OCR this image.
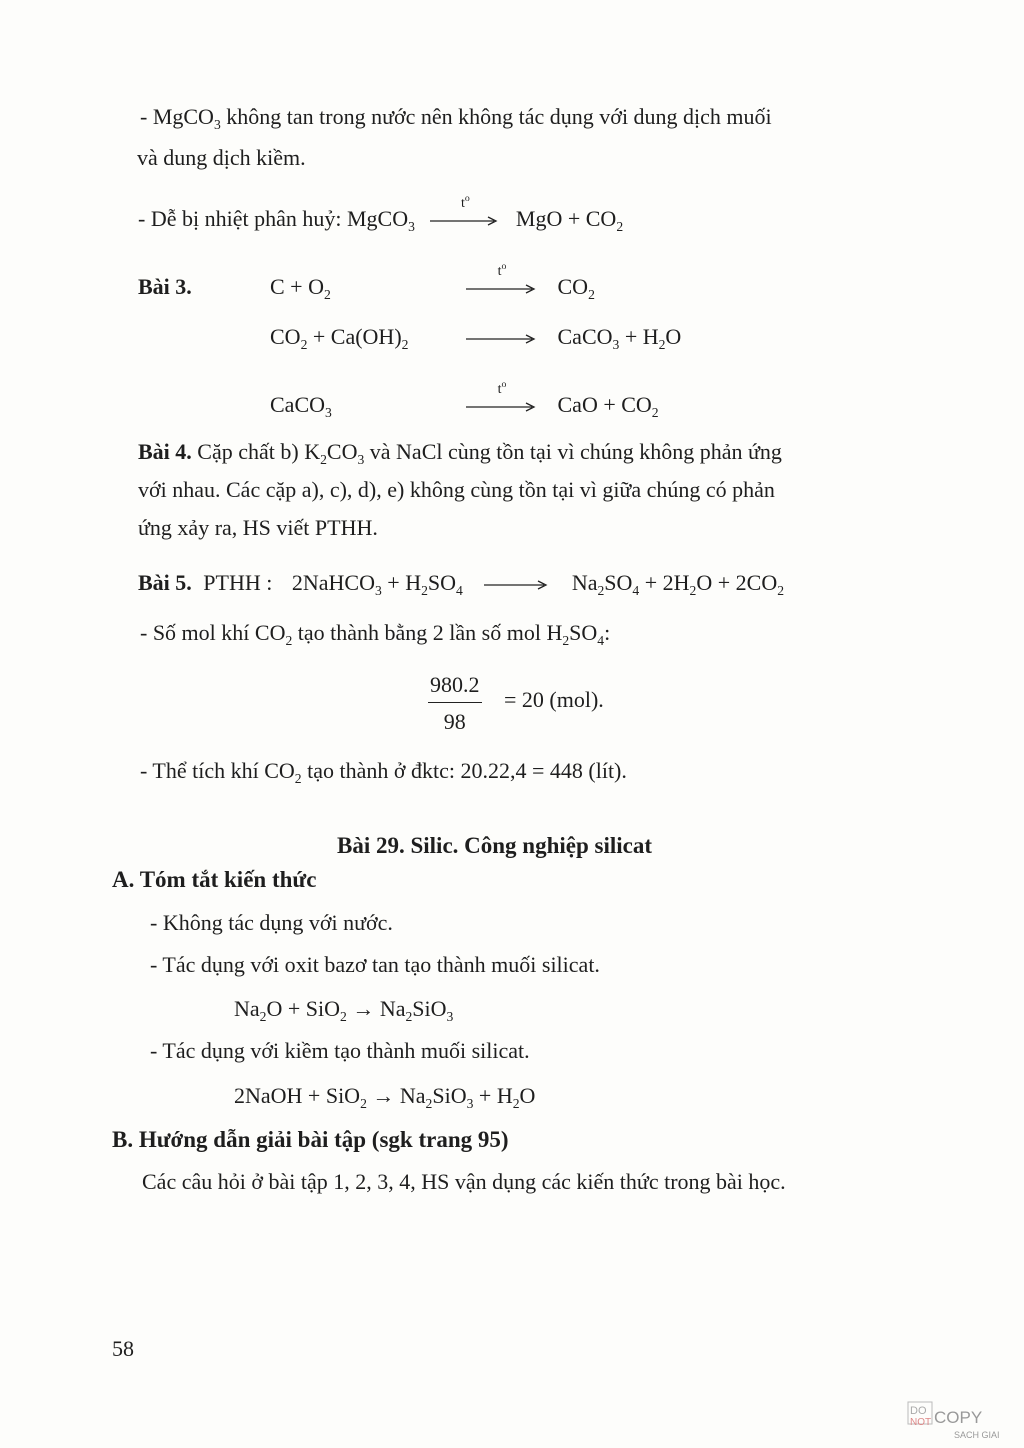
- MgCO$_3$ không tan trong nước nên không tác dụng với dung dịch muối
và dung dịch kiềm.
- Dễ bị nhiệt phân huỷ: MgCO$_3$
$t^o$
MgO + $CO_2$
Bài 3.	$C + O_2$
$t^o$
$CO_2$
$CO_2 + Ca(OH)_2$	→ CaCO$_3$ + $H_2O$
CaCO$_3$
$t^o$
CaO + $CO_2$
Bài 4. Cặp chất b) $K_2CO_3$ và NaCl cùng tồn tại vì chúng không phản ứng
với nhau. Các cặp a), c), d), e) không cùng tồn tại vì giữa chúng có phản
ứng xảy ra, HS viết PTHH.
Bài 5. PTHH : 2NaHCO$_3$ + $H_2SO_4 \to Na_2SO_4 + 2H_2O + 2CO_2$
- Số mol khí $CO_2$ tạo thành bằng 2 lần số mol $H_2SO_4$:
$\frac{980.2}{98} = 20$ (mol).
- Thể tích khí $CO_2$ tạo thành ở đktc: 20.22,4 = 448 (lít).
Bài 29. Silic. Công nghiệp silicat
A. Tóm tắt kiến thức
- Không tác dụng với nước.
- Tác dụng với oxit bazơ tan tạo thành muối silicat.
$Na_2O + SiO_2 \to Na_2SiO_3$
- Tác dụng với kiềm tạo thành muối silicat.
2NaOH + $SiO_2 \to Na_2SiO_3 + H_2O$
B. Hướng dẫn giải bài tập (sgk trang 95)
Các câu hỏi ở bài tập 1, 2, 3, 4, HS vận dụng các kiến thức trong bài học.
58
DO
NOT COPY
SACH GIAI
